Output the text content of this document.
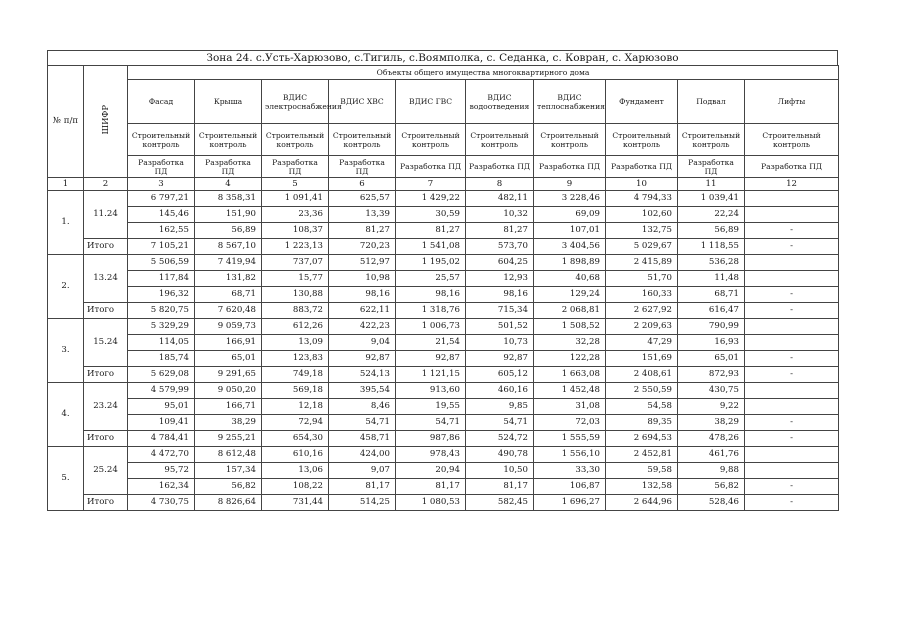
Зона 24. с.Усть-Харюзово, с.Тигиль, с.Воямполка, с. Седанка, с. Ковран, с. Харюзово
№ п/п	ШИФР	Объекты общего имущества многоквартирного дома									
		Фасад	Крыша	ВДИС электроснабжения	ВДИС ХВС	ВДИС ГВС	ВДИС водоотведения	ВДИС теплоснабжения	Фундамент	Подвал	Лифты
		Строительный контроль	Строительный контроль	Строительный контроль	Строительный контроль	Строительный контроль	Строительный контроль	Строительный контроль	Строительный контроль	Строительный контроль	Строительный контроль
		Разработка ПД	Разработка ПД	Разработка ПД	Разработка ПД	Разработка ПД	Разработка ПД	Разработка ПД	Разработка ПД	Разработка ПД	Разработка ПД
1	2	3	4	5	6	7	8	9	10	11	12
1.	11.24	6 797,21	8 358,31	1 091,41	625,57	1 429,22	482,11	3 228,46	4 794,33	1 039,41	
		145,46	151,90	23,36	13,39	30,59	10,32	69,09	102,60	22,24	
		162,55	56,89	108,37	81,27	81,27	81,27	107,01	132,75	56,89	-
	Итого	7 105,21	8 567,10	1 223,13	720,23	1 541,08	573,70	3 404,56	5 029,67	1 118,55	-
2.	13.24	5 506,59	7 419,94	737,07	512,97	1 195,02	604,25	1 898,89	2 415,89	536,28	
		117,84	131,82	15,77	10,98	25,57	12,93	40,68	51,70	11,48	
		196,32	68,71	130,88	98,16	98,16	98,16	129,24	160,33	68,71	-
	Итого	5 820,75	7 620,48	883,72	622,11	1 318,76	715,34	2 068,81	2 627,92	616,47	-
3.	15.24	5 329,29	9 059,73	612,26	422,23	1 006,73	501,52	1 508,52	2 209,63	790,99	
		114,05	166,91	13,09	9,04	21,54	10,73	32,28	47,29	16,93	
		185,74	65,01	123,83	92,87	92,87	92,87	122,28	151,69	65,01	-
	Итого	5 629,08	9 291,65	749,18	524,13	1 121,15	605,12	1 663,08	2 408,61	872,93	-
4.	23.24	4 579,99	9 050,20	569,18	395,54	913,60	460,16	1 452,48	2 550,59	430,75	
		95,01	166,71	12,18	8,46	19,55	9,85	31,08	54,58	9,22	
		109,41	38,29	72,94	54,71	54,71	54,71	72,03	89,35	38,29	-
	Итого	4 784,41	9 255,21	654,30	458,71	987,86	524,72	1 555,59	2 694,53	478,26	-
5.	25.24	4 472,70	8 612,48	610,16	424,00	978,43	490,78	1 556,10	2 452,81	461,76	
		95,72	157,34	13,06	9,07	20,94	10,50	33,30	59,58	9,88	
		162,34	56,82	108,22	81,17	81,17	81,17	106,87	132,58	56,82	-
	Итого	4 730,75	8 826,64	731,44	514,25	1 080,53	582,45	1 696,27	2 644,96	528,46	-
